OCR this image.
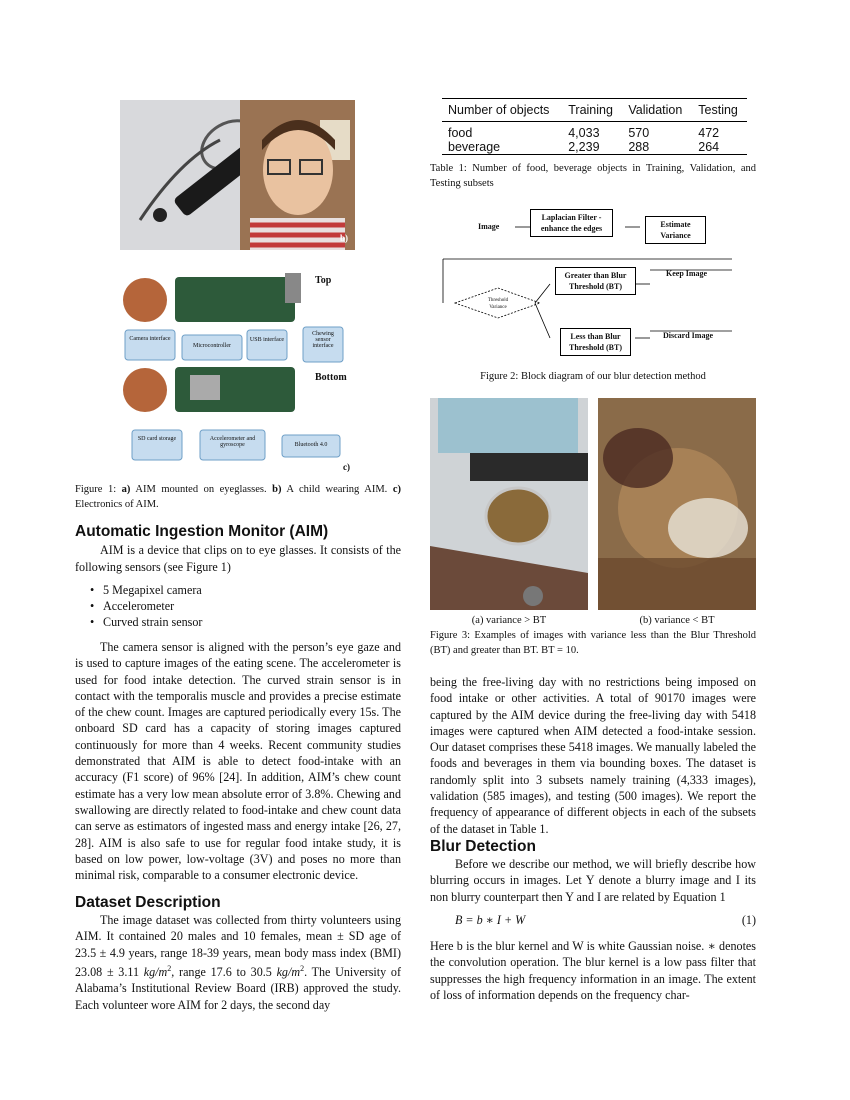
b)
Top
Bottom
Camera interface
Microcontroller
USB interface
Chewing sensor interface
SD card storage	Accelerometer and gyroscope	Bluetooth 4.0
c)
Figure 1: a) AIM mounted on eyeglasses. b) A child wearing AIM. c) Electronics of AIM.
Automatic Ingestion Monitor (AIM)

AIM is a device that clips on to eye glasses. It consists of the following sensors (see Figure 1)

• 5 Megapixel camera
• Accelerometer
• Curved strain sensor

The camera sensor is aligned with the person’s eye gaze and is used to capture images of the eating scene. The accelerometer is used for food intake detection. The curved strain sensor is in contact with the temporalis muscle and provides a precise estimate of the chew count. Images are captured periodically every 15s. The onboard SD card has a capacity of storing images captured continuously for more than 4 weeks. Recent community studies demonstrated that AIM is able to detect food-intake with an accuracy (F1 score) of 96% [24]. In addition, AIM’s chew count estimate has a very low mean absolute error of 3.8%. Chewing and swallowing are directly related to food-intake and chew count data can serve as estimators of ingested mass and energy intake [26, 27, 28]. AIM is also safe to use for regular food intake study, it is based on low power, low-voltage (3V) and poses no more than minimal risk, comparable to a consumer electronic device.

Dataset Description

The image dataset was collected from thirty volunteers using AIM. It contained 20 males and 10 females, mean ± SD age of 23.5 ± 4.9 years, range 18-39 years, mean body mass index (BMI) 23.08 ± 3.11 $kg/m^2$, range 17.6 to 30.5 $kg/m^2$. The University of Alabama’s Institutional Review Board (IRB) approved the study. Each volunteer wore AIM for 2 days, the second day

Number of objects	Training	Validation	Testing
food	4,033	570	472
beverage	2,239	288	264
Table 1: Number of food, beverage objects in Training, Validation, and Testing subsets
Image
Laplacian Filter - enhance the edges	Estimate Variance
Threshold Variance
Greater than Blur Threshold (BT)
Keep Image
Less than Blur Threshold (BT)
Discard Image
Figure 2: Block diagram of our blur detection method
(a) variance > BT	(b) variance < BT
Figure 3: Examples of images with variance less than the Blur Threshold (BT) and greater than BT. BT = 10.

being the free-living day with no restrictions being imposed on food intake or other activities. A total of 90170 images were captured by the AIM device during the free-living day with 5418 images were captured when AIM detected a food-intake session. Our dataset comprises these 5418 images. We manually labeled the foods and beverages in them via bounding boxes. The dataset is randomly split into 3 subsets namely training (4,333 images), validation (585 images), and testing (500 images). We report the frequency of appearance of different objects in each of the subsets of the dataset in Table 1.

Blur Detection

Before we describe our method, we will briefly describe how blurring occurs in images. Let Y denote a blurry image and I its non blurry counterpart then Y and I are related by Equation 1

B = b ∗ I + W	(1)

Here b is the blur kernel and W is white Gaussian noise. ∗ denotes the convolution operation. The blur kernel is a low pass filter that suppresses the high frequency information in an image. The extent of loss of information depends on the frequency char-
